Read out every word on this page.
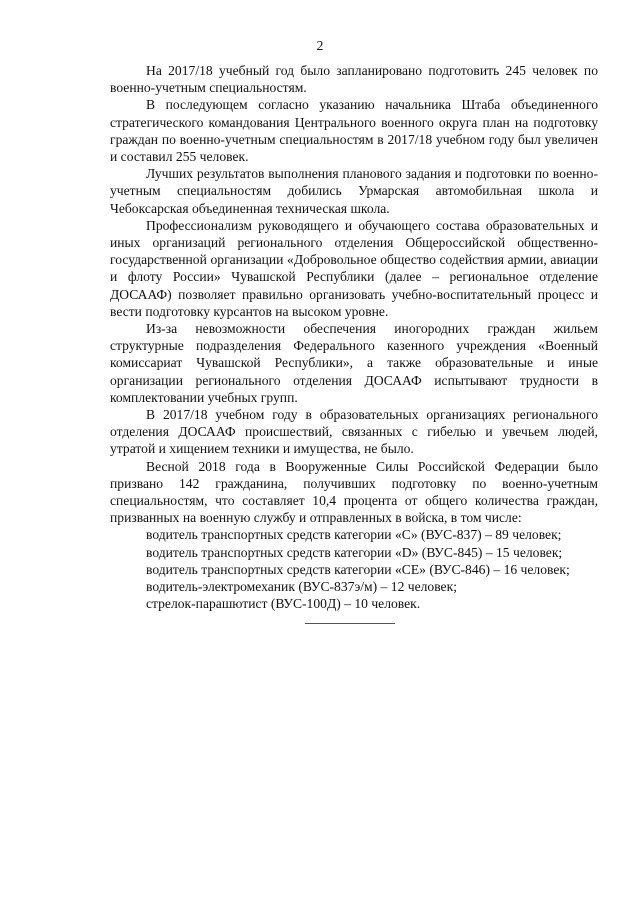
2

На 2017/18 учебный год было запланировано подготовить 245 человек по военно-учетным специальностям.

В последующем согласно указанию начальника Штаба объединенного стратегического командования Центрального военного округа план на подготовку граждан по военно-учетным специальностям в 2017/18 учебном году был увеличен и составил 255 человек.

Лучших результатов выполнения планового задания и подготовки по военно-учетным специальностям добились Урмарская автомобильная школа и Чебоксарская объединенная техническая школа.

Профессионализм руководящего и обучающего состава образовательных и иных организаций регионального отделения Общероссийской общественно-государственной организации «Добровольное общество содействия армии, авиации и флоту России» Чувашской Республики (далее – региональное отделение ДОСААФ) позволяет правильно организовать учебно-воспитательный процесс и вести подготовку курсантов на высоком уровне.

Из-за невозможности обеспечения иногородних граждан жильем структурные подразделения Федерального казенного учреждения «Военный комиссариат Чувашской Республики», а также образовательные и иные организации регионального отделения ДОСААФ испытывают трудности в комплектовании учебных групп.

В 2017/18 учебном году в образовательных организациях регионального отделения ДОСААФ происшествий, связанных с гибелью и увечьем людей, утратой и хищением техники и имущества, не было.

Весной 2018 года в Вооруженные Силы Российской Федерации было призвано 142 гражданина, получивших подготовку по военно-учетным специальностям, что составляет 10,4 процента от общего количества граждан, призванных на военную службу и отправленных в войска, в том числе:

водитель транспортных средств категории «С» (ВУС-837) – 89 человек;
водитель транспортных средств категории «D» (ВУС-845) – 15 человек;
водитель транспортных средств категории «СЕ» (ВУС-846) – 16 человек;
водитель-электромеханик (ВУС-837э/м) – 12 человек;
стрелок-парашютист (ВУС-100Д) – 10 человек.
